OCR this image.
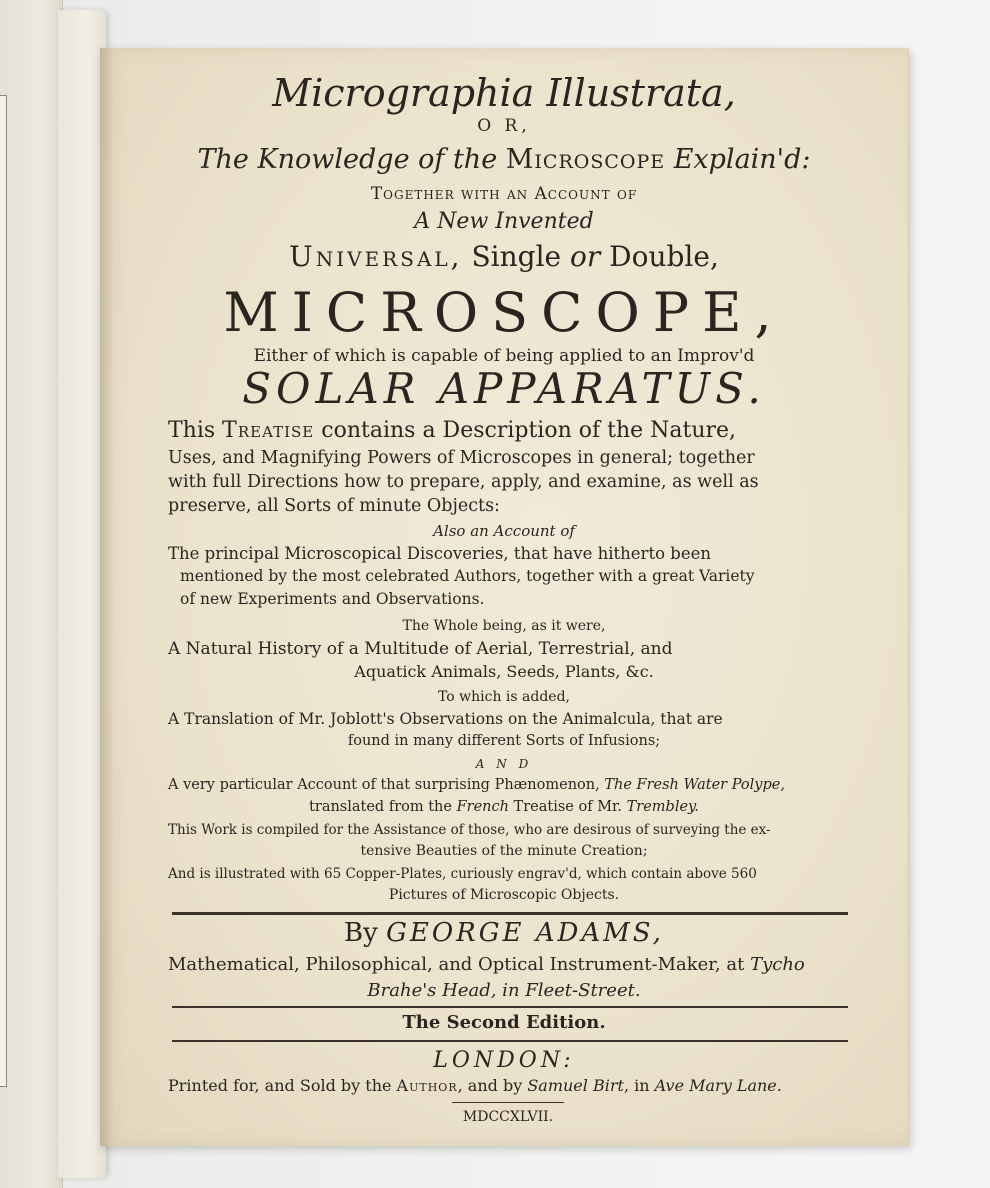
Micrographia Illustrata,
O R,
The Knowledge of the Microscope Explain'd:
Together with an Account of
A New Invented
Universal, Single or Double,
MICROSCOPE,
Either of which is capable of being applied to an Improv'd
SOLAR APPARATUS.
This Treatise contains a Description of the Nature,
Uses, and Magnifying Powers of Microscopes in general; together
with full Directions how to prepare, apply, and examine, as well as
preserve, all Sorts of minute Objects:
Also an Account of
The principal Microscopical Discoveries, that have hitherto been
mentioned by the most celebrated Authors, together with a great Variety
of new Experiments and Observations.
The Whole being, as it were,
A Natural History of a Multitude of Aerial, Terrestrial, and
Aquatick Animals, Seeds, Plants, &c.
To which is added,
A Translation of Mr. Joblott's Observations on the Animalcula, that are
found in many different Sorts of Infusions;
A N D
A very particular Account of that surprising Phænomenon, The Fresh Water Polype,
translated from the French Treatise of Mr. Trembley.
This Work is compiled for the Assistance of those, who are desirous of surveying the ex-
tensive Beauties of the minute Creation;
And is illustrated with 65 Copper-Plates, curiously engrav'd, which contain above 560
Pictures of Microscopic Objects.
By GEORGE ADAMS,
Mathematical, Philosophical, and Optical Instrument-Maker, at Tycho
Brahe's Head, in Fleet-Street.
The Second Edition.
LONDON:
Printed for, and Sold by the Author, and by Samuel Birt, in Ave Mary Lane.
MDCCXLVII.
